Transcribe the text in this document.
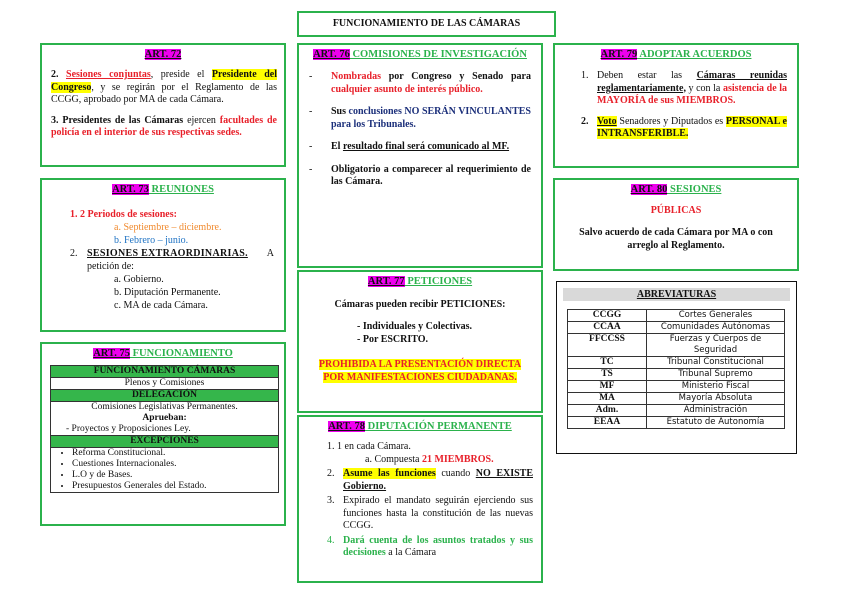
FUNCIONAMIENTO DE LAS CÁMARAS
ART. 72

2. Sesiones conjuntas, preside el Presidente del Congreso, y se regirán por el Reglamento de las CCGG, aprobado por MA de cada Cámara.

3. Presidentes de las Cámaras ejercen facultades de policía en el interior de sus respectivas sedes.

ART. 73 REUNIONES
1. 2 Periodos de sesiones:
a. Septiembre – diciembre.
b. Febrero – junio.
2. SESIONES EXTRAORDINARIAS.	A
petición de:
a. Gobierno.
b. Diputación Permanente.
c. MA de cada Cámara.
ART. 75 FUNCIONAMIENTO
FUNCIONAMIENTO CÁMARAS
Plenos y Comisiones
DELEGACIÓN

Comisiones Legislativas Permanentes.
Aprueban:
- Proyectos y Proposiciones Ley.

EXCEPCIONES

• Reforma Constitucional.
• Cuestiones Internacionales.
• L.O y de Bases.
• Presupuestos Generales del Estado.
ART. 76 COMISIONES DE INVESTIGACIÓN
-	Nombradas por Congreso y Senado para cualquier asunto de interés público.
-	Sus conclusiones NO SERÁN VINCULANTES para los Tribunales.
-	El resultado final será comunicado al MF.
-	Obligatorio a comparecer al requerimiento de las Cámara.
ART. 77 PETICIONES
Cámaras pueden recibir PETICIONES:
- Individuales y Colectivas.
- Por ESCRITO.
PROHIBIDA LA PRESENTACIÓN DIRECTA POR MANIFESTACIONES CIUDADANAS.
ART. 78 DIPUTACIÓN PERMANENTE
1. 1 en cada Cámara.
a. Compuesta 21 MIEMBROS.
2. Asume las funciones cuando NO EXISTE Gobierno.
3. Expirado el mandato seguirán ejerciendo sus funciones hasta la constitución de las nuevas CCGG.
4. Dará cuenta de los asuntos tratados y sus decisiones a la Cámara
ART. 79 ADOPTAR ACUERDOS
1. Deben estar las Cámaras reunidas reglamentariamente, y con la asistencia de la MAYORÍA de sus MIEMBROS.
2. Voto Senadores y Diputados es PERSONAL e INTRANSFERIBLE.
ART. 80 SESIONES
PÚBLICAS
Salvo acuerdo de cada Cámara por MA o con arreglo al Reglamento.
ABREVIATURAS
CCGG	Cortes Generales
CCAA	Comunidades Autónomas
FFCCSS	Fuerzas y Cuerpos de Seguridad
TC	Tribunal Constitucional
TS	Tribunal Supremo
MF	Ministerio Fiscal
MA	Mayoría Absoluta
Adm.	Administración
EEAA	Estatuto de Autonomía
